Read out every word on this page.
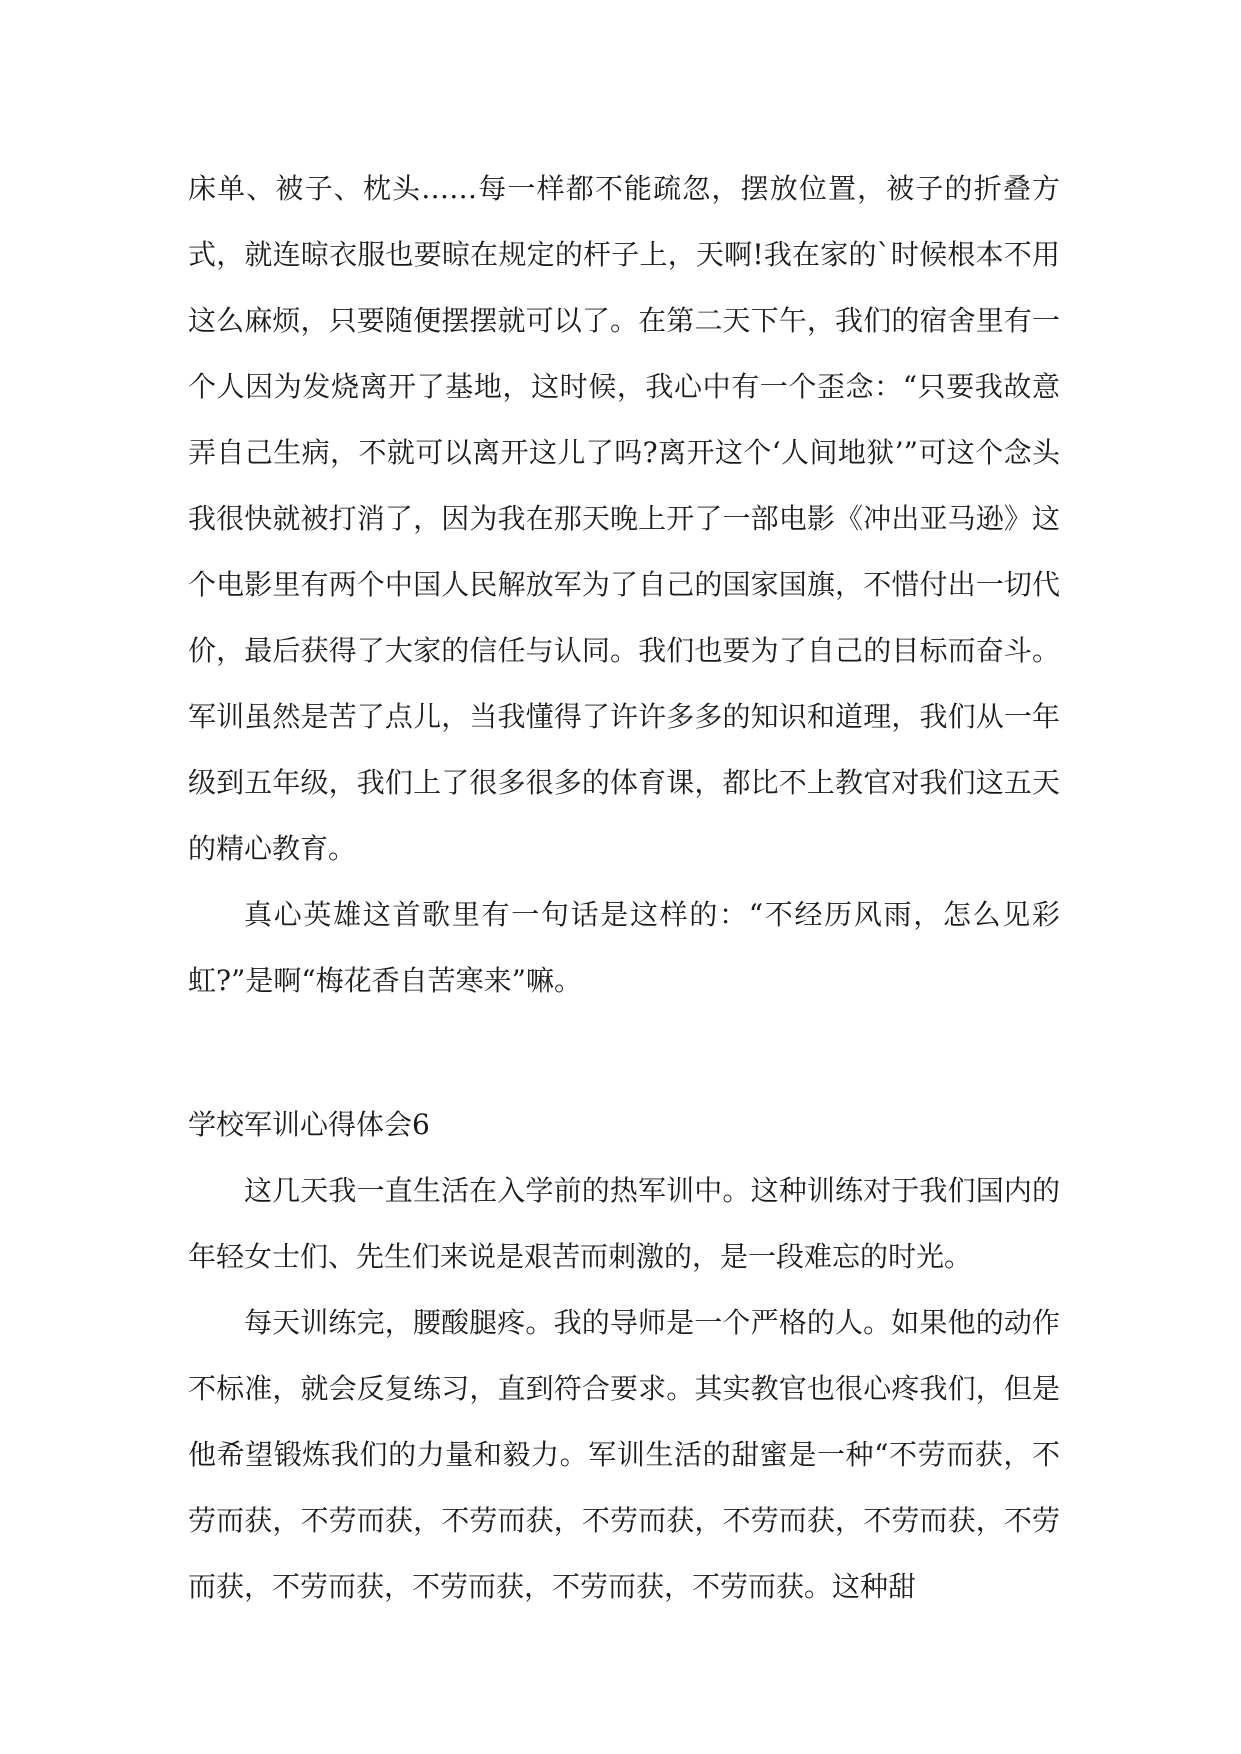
床单、被子、枕头……每一样都不能疏忽，摆放位置，被子的折叠方式，就连晾衣服也要晾在规定的杆子上，天啊!我在家的`时候根本不用这么麻烦，只要随便摆摆就可以了。在第二天下午，我们的宿舍里有一个人因为发烧离开了基地，这时候，我心中有一个歪念：“只要我故意弄自己生病，不就可以离开这儿了吗?离开这个‘人间地狱’”可这个念头我很快就被打消了，因为我在那天晚上开了一部电影《冲出亚马逊》这个电影里有两个中国人民解放军为了自己的国家国旗，不惜付出一切代价，最后获得了大家的信任与认同。我们也要为了自己的目标而奋斗。军训虽然是苦了点儿，当我懂得了许许多多的知识和道理，我们从一年级到五年级，我们上了很多很多的体育课，都比不上教官对我们这五天的精心教育。

真心英雄这首歌里有一句话是这样的：“不经历风雨，怎么见彩虹?”是啊“梅花香自苦寒来”嘛。

学校军训心得体会6

这几天我一直生活在入学前的热军训中。这种训练对于我们国内的年轻女士们、先生们来说是艰苦而刺激的，是一段难忘的时光。

每天训练完，腰酸腿疼。我的导师是一个严格的人。如果他的动作不标准，就会反复练习，直到符合要求。其实教官也很心疼我们，但是他希望锻炼我们的力量和毅力。军训生活的甜蜜是一种“不劳而获，不劳而获，不劳而获，不劳而获，不劳而获，不劳而获，不劳而获，不劳而获，不劳而获，不劳而获，不劳而获，不劳而获。这种甜
